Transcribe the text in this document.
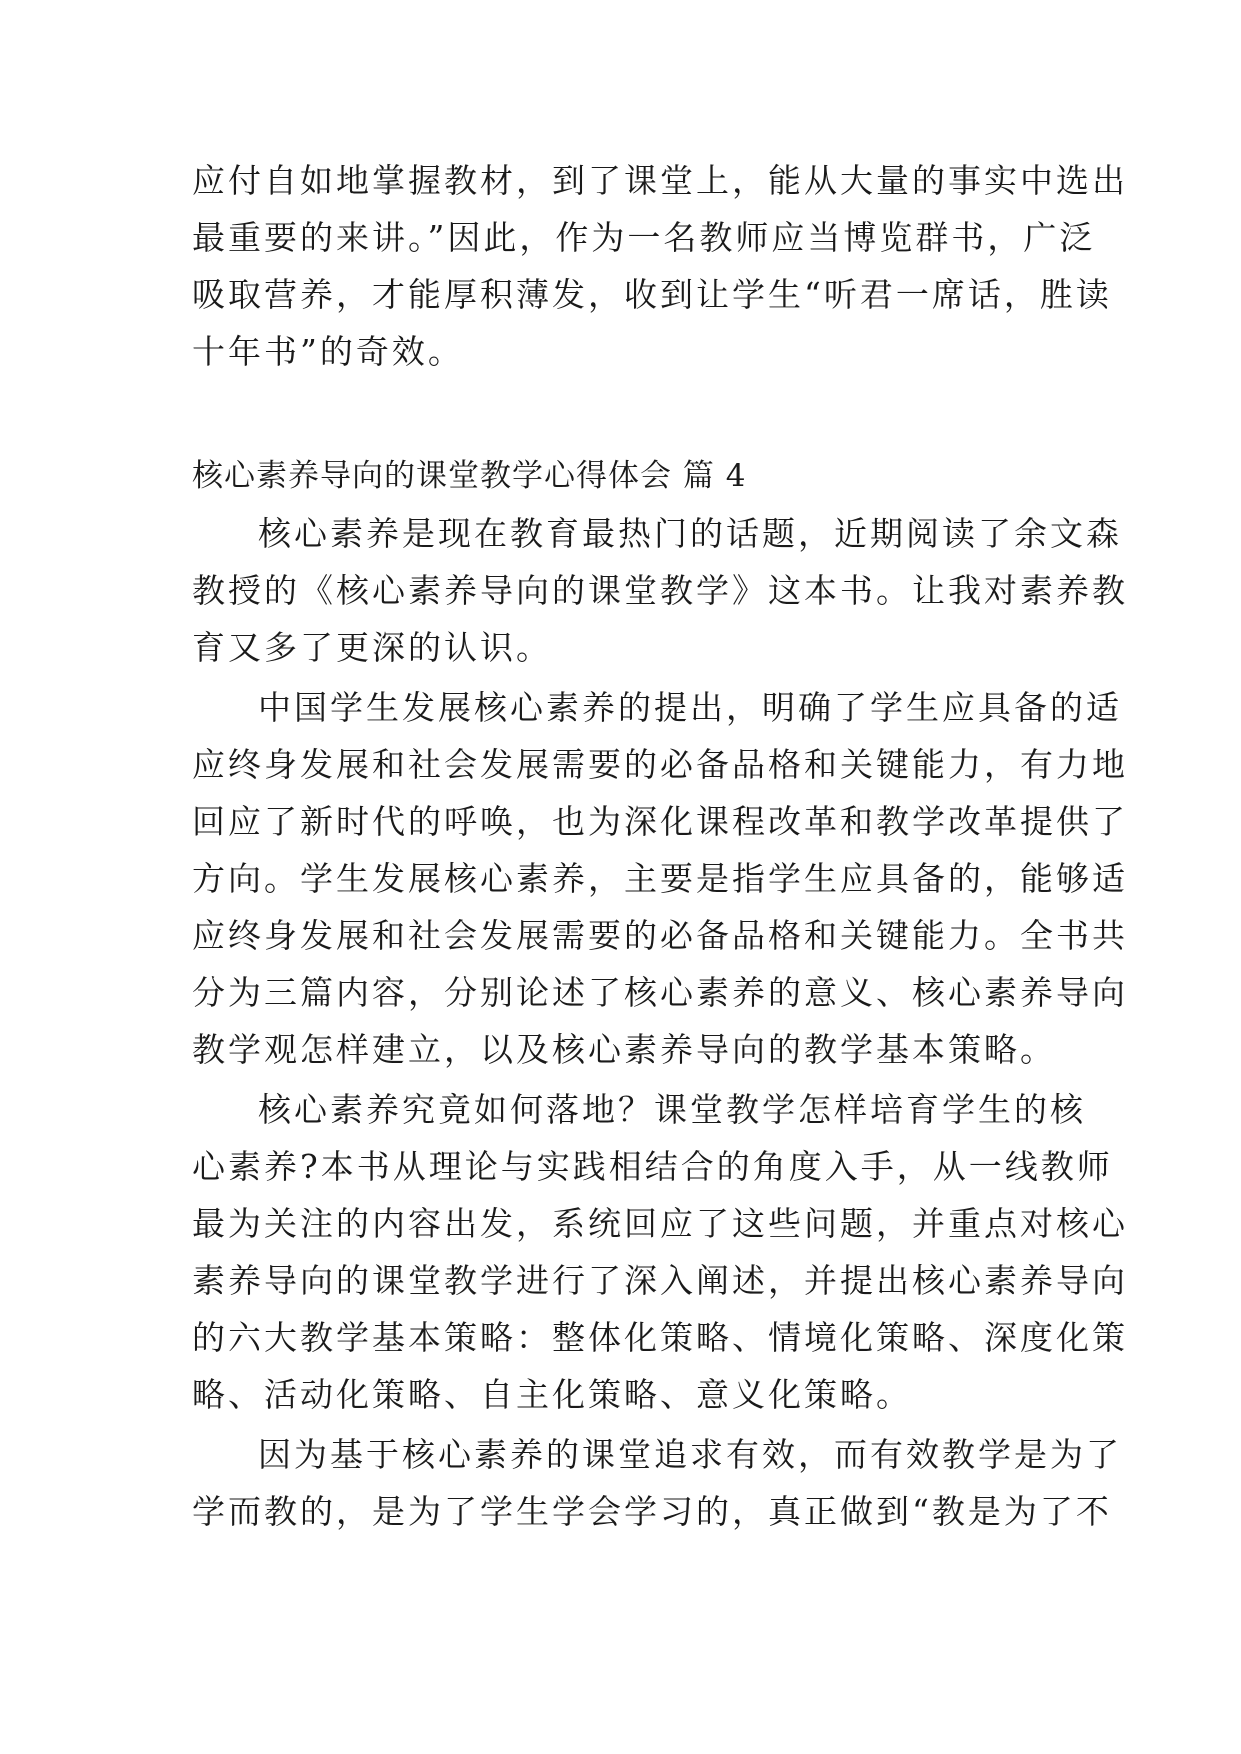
应付自如地掌握教材，到了课堂上，能从大量的事实中选出
最重要的来讲。”因此，作为一名教师应当博览群书，广泛
吸取营养，才能厚积薄发，收到让学生“听君一席话，胜读
十年书”的奇效。
核心素养导向的课堂教学心得体会 篇 4
核心素养是现在教育最热门的话题，近期阅读了余文森
教授的《核心素养导向的课堂教学》这本书。让我对素养教
育又多了更深的认识。
中国学生发展核心素养的提出，明确了学生应具备的适
应终身发展和社会发展需要的必备品格和关键能力，有力地
回应了新时代的呼唤，也为深化课程改革和教学改革提供了
方向。学生发展核心素养，主要是指学生应具备的，能够适
应终身发展和社会发展需要的必备品格和关键能力。全书共
分为三篇内容，分别论述了核心素养的意义、核心素养导向
教学观怎样建立，以及核心素养导向的教学基本策略。
核心素养究竟如何落地？课堂教学怎样培育学生的核
心素养?本书从理论与实践相结合的角度入手，从一线教师
最为关注的内容出发，系统回应了这些问题，并重点对核心
素养导向的课堂教学进行了深入阐述，并提出核心素养导向
的六大教学基本策略：整体化策略、情境化策略、深度化策
略、活动化策略、自主化策略、意义化策略。
因为基于核心素养的课堂追求有效，而有效教学是为了
学而教的，是为了学生学会学习的，真正做到“教是为了不
